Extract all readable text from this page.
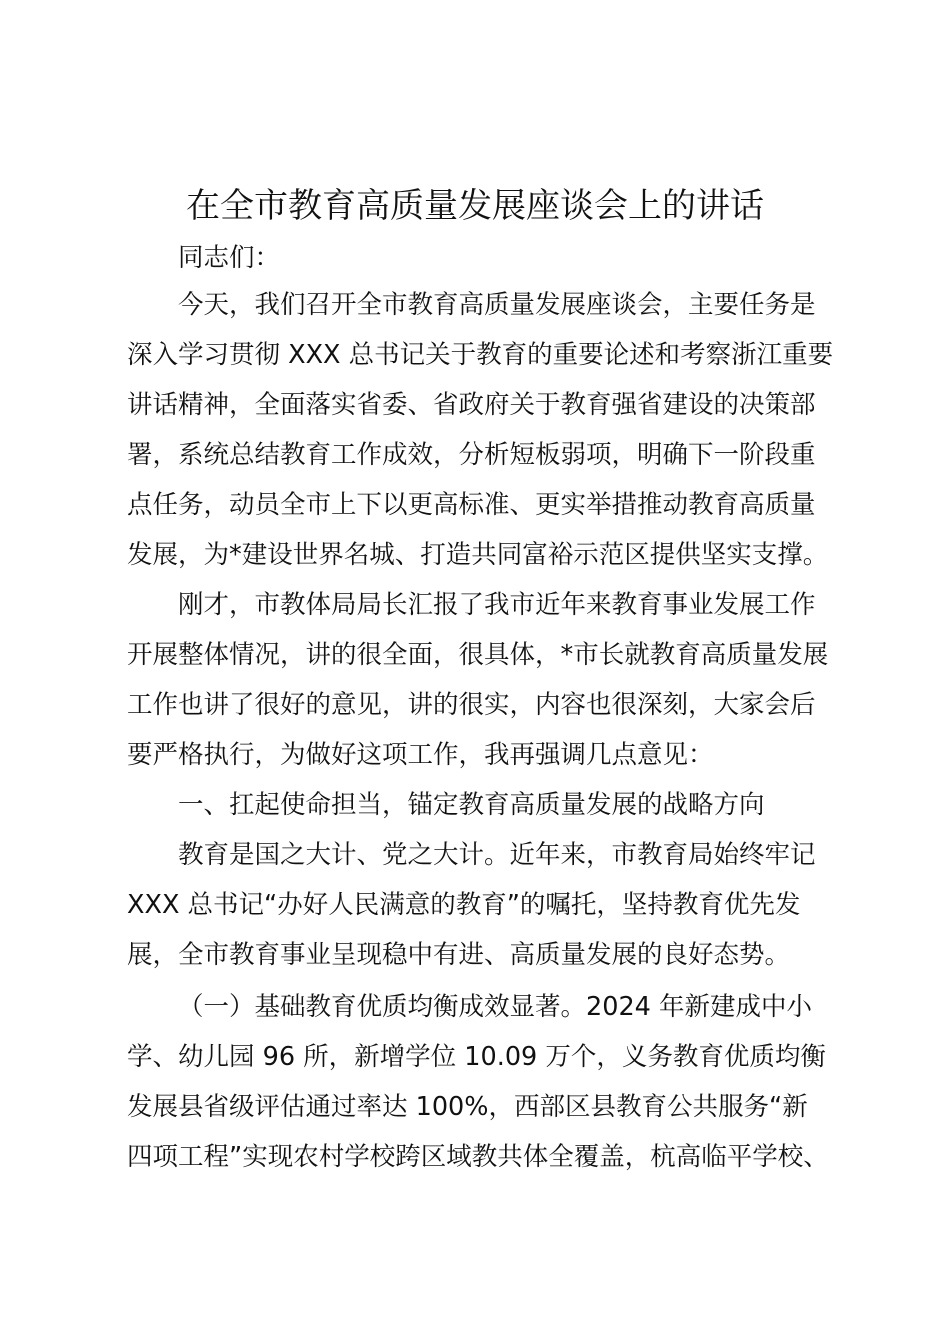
在全市教育高质量发展座谈会上的讲话

同志们：

今天，我们召开全市教育高质量发展座谈会，主要任务是

深入学习贯彻 XXX 总书记关于教育的重要论述和考察浙江重要

讲话精神，全面落实省委、省政府关于教育强省建设的决策部

署，系统总结教育工作成效，分析短板弱项，明确下一阶段重

点任务，动员全市上下以更高标准、更实举措推动教育高质量

发展，为*建设世界名城、打造共同富裕示范区提供坚实支撑。

刚才，市教体局局长汇报了我市近年来教育事业发展工作

开展整体情况，讲的很全面，很具体，*市长就教育高质量发展

工作也讲了很好的意见，讲的很实，内容也很深刻，大家会后

要严格执行，为做好这项工作，我再强调几点意见：

一、扛起使命担当，锚定教育高质量发展的战略方向

教育是国之大计、党之大计。近年来，市教育局始终牢记

XXX 总书记“办好人民满意的教育”的嘱托，坚持教育优先发

展，全市教育事业呈现稳中有进、高质量发展的良好态势。

（一）基础教育优质均衡成效显著。2024 年新建成中小

学、幼儿园 96 所，新增学位 10.09 万个，义务教育优质均衡

发展县省级评估通过率达 100%，西部区县教育公共服务“新

四项工程”实现农村学校跨区域教共体全覆盖，杭高临平学校、
